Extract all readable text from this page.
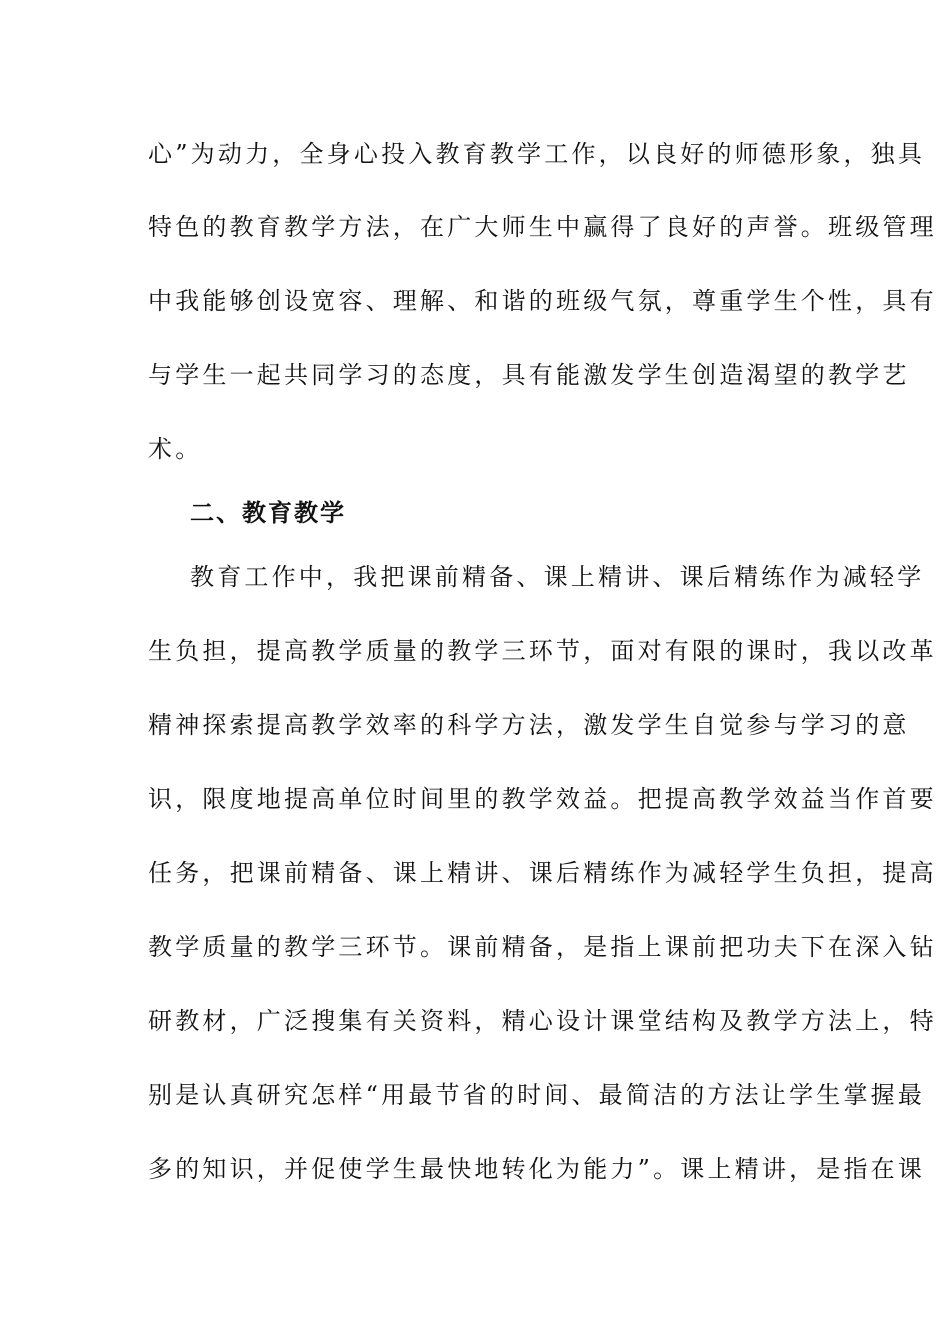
心”为动力，全身心投入教育教学工作，以良好的师德形象，独具
特色的教育教学方法，在广大师生中赢得了良好的声誉。班级管理
中我能够创设宽容、理解、和谐的班级气氛，尊重学生个性，具有
与学生一起共同学习的态度，具有能激发学生创造渴望的教学艺
术。
二、教育教学
教育工作中，我把课前精备、课上精讲、课后精练作为减轻学
生负担，提高教学质量的教学三环节，面对有限的课时，我以改革
精神探索提高教学效率的科学方法，激发学生自觉参与学习的意
识，限度地提高单位时间里的教学效益。把提高教学效益当作首要
任务，把课前精备、课上精讲、课后精练作为减轻学生负担，提高
教学质量的教学三环节。课前精备，是指上课前把功夫下在深入钻
研教材，广泛搜集有关资料，精心设计课堂结构及教学方法上，特
别是认真研究怎样“用最节省的时间、最简洁的方法让学生掌握最
多的知识，并促使学生最快地转化为能力”。课上精讲，是指在课
